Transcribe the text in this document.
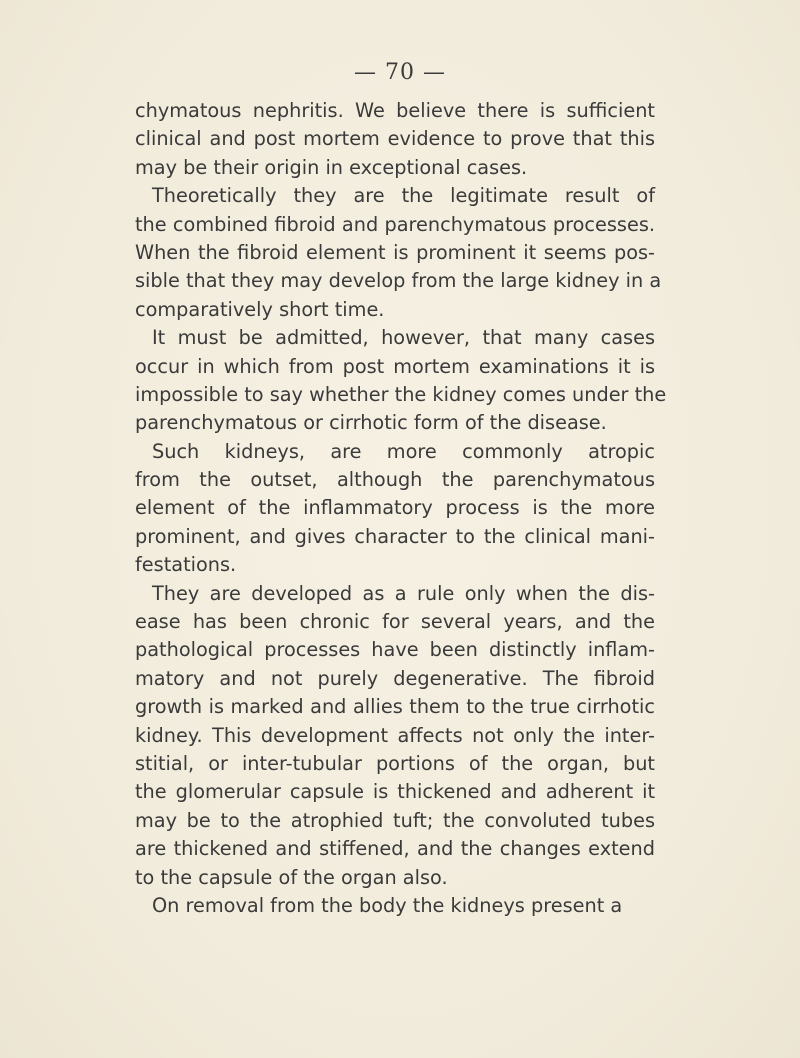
— 70 —
chymatous nephritis. We believe there is sufficient
clinical and post mortem evidence to prove that this
may be their origin in exceptional cases.
Theoretically they are the legitimate result of
the combined fibroid and parenchymatous processes.
When the fibroid element is prominent it seems pos-
sible that they may develop from the large kidney in a
comparatively short time.
It must be admitted, however, that many cases
occur in which from post mortem examinations it is
impossible to say whether the kidney comes under the
parenchymatous or cirrhotic form of the disease.
Such kidneys, are more commonly atropic
from the outset, although the parenchymatous
element of the inflammatory process is the more
prominent, and gives character to the clinical mani-
festations.
They are developed as a rule only when the dis-
ease has been chronic for several years, and the
pathological processes have been distinctly inflam-
matory and not purely degenerative. The fibroid
growth is marked and allies them to the true cirrhotic
kidney. This development affects not only the inter-
stitial, or inter-tubular portions of the organ, but
the glomerular capsule is thickened and adherent it
may be to the atrophied tuft; the convoluted tubes
are thickened and stiffened, and the changes extend
to the capsule of the organ also.
On removal from the body the kidneys present a
